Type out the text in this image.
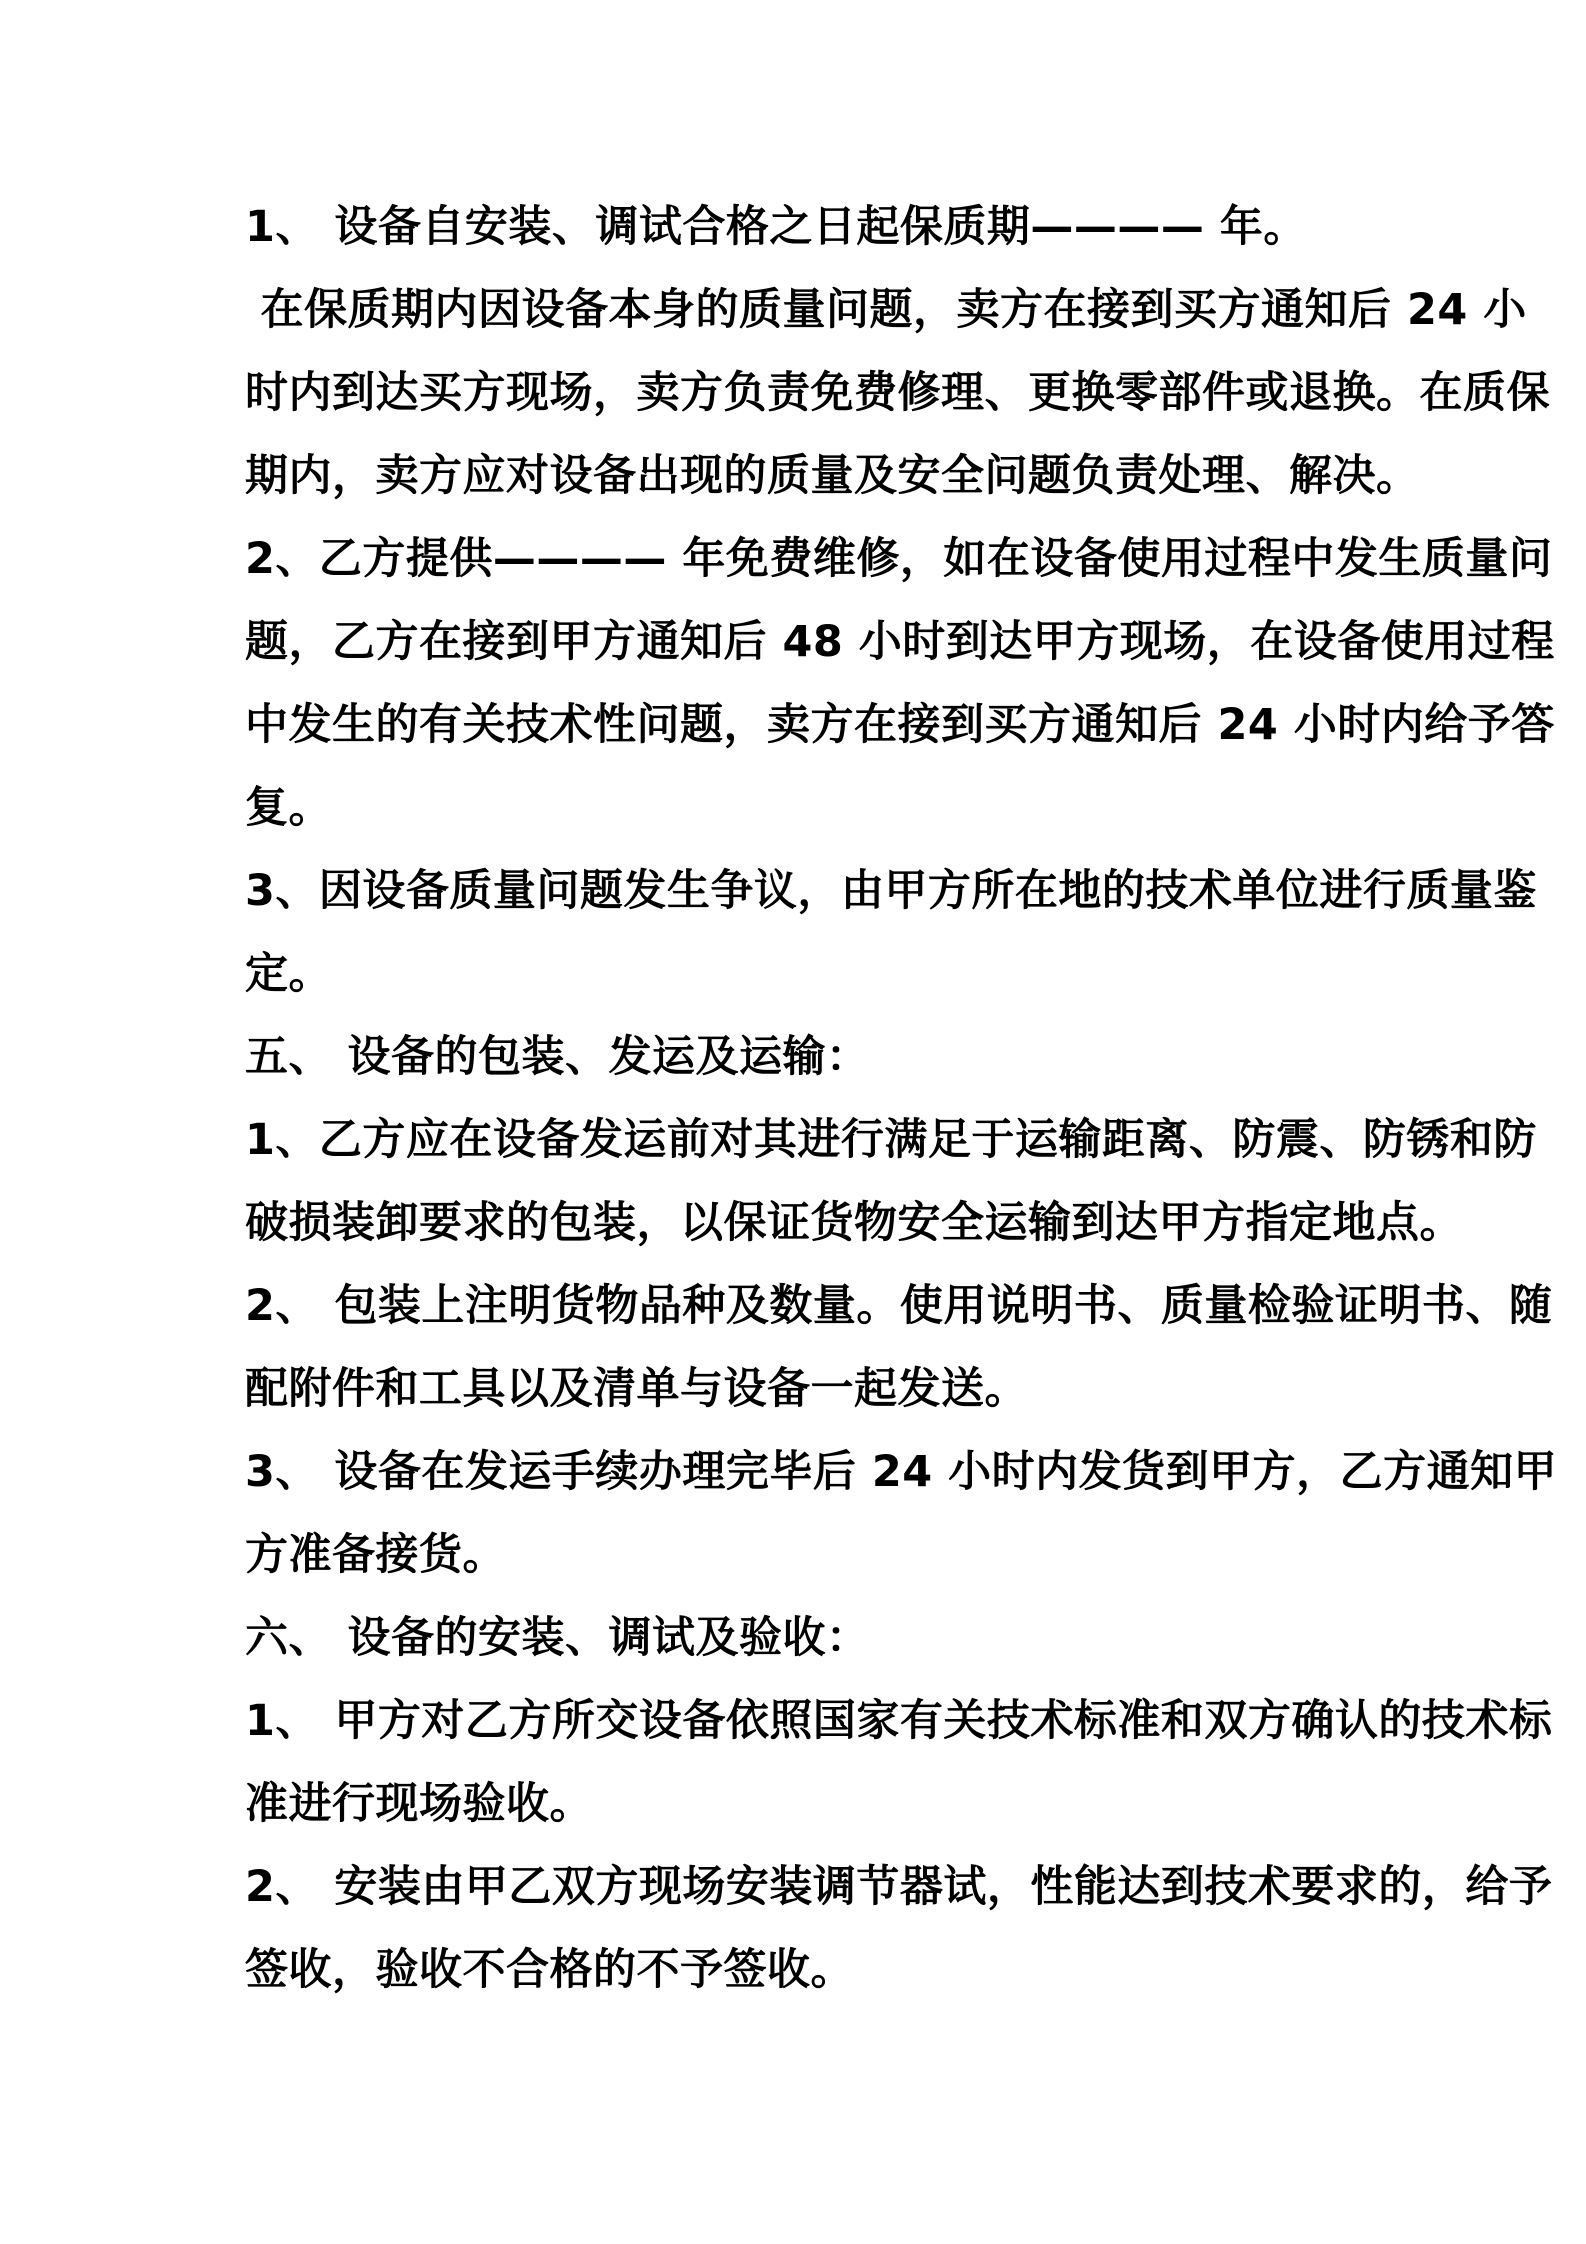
1、 设备自安装、调试合格之日起保质期———— 年。
在保质期内因设备本身的质量问题，卖方在接到买方通知后 24 小
时内到达买方现场，卖方负责免费修理、更换零部件或退换。在质保
期内，卖方应对设备出现的质量及安全问题负责处理、解决。
2、乙方提供———— 年免费维修，如在设备使用过程中发生质量问
题，乙方在接到甲方通知后 48 小时到达甲方现场，在设备使用过程
中发生的有关技术性问题，卖方在接到买方通知后 24 小时内给予答
复。
3、因设备质量问题发生争议，由甲方所在地的技术单位进行质量鉴
定。
五、 设备的包装、发运及运输：
1、乙方应在设备发运前对其进行满足于运输距离、防震、防锈和防
破损装卸要求的包装，以保证货物安全运输到达甲方指定地点。
2、 包装上注明货物品种及数量。使用说明书、质量检验证明书、随
配附件和工具以及清单与设备一起发送。
3、 设备在发运手续办理完毕后 24 小时内发货到甲方，乙方通知甲
方准备接货。
六、 设备的安装、调试及验收：
1、 甲方对乙方所交设备依照国家有关技术标准和双方确认的技术标
准进行现场验收。
2、 安装由甲乙双方现场安装调节器试，性能达到技术要求的，给予
签收，验收不合格的不予签收。
